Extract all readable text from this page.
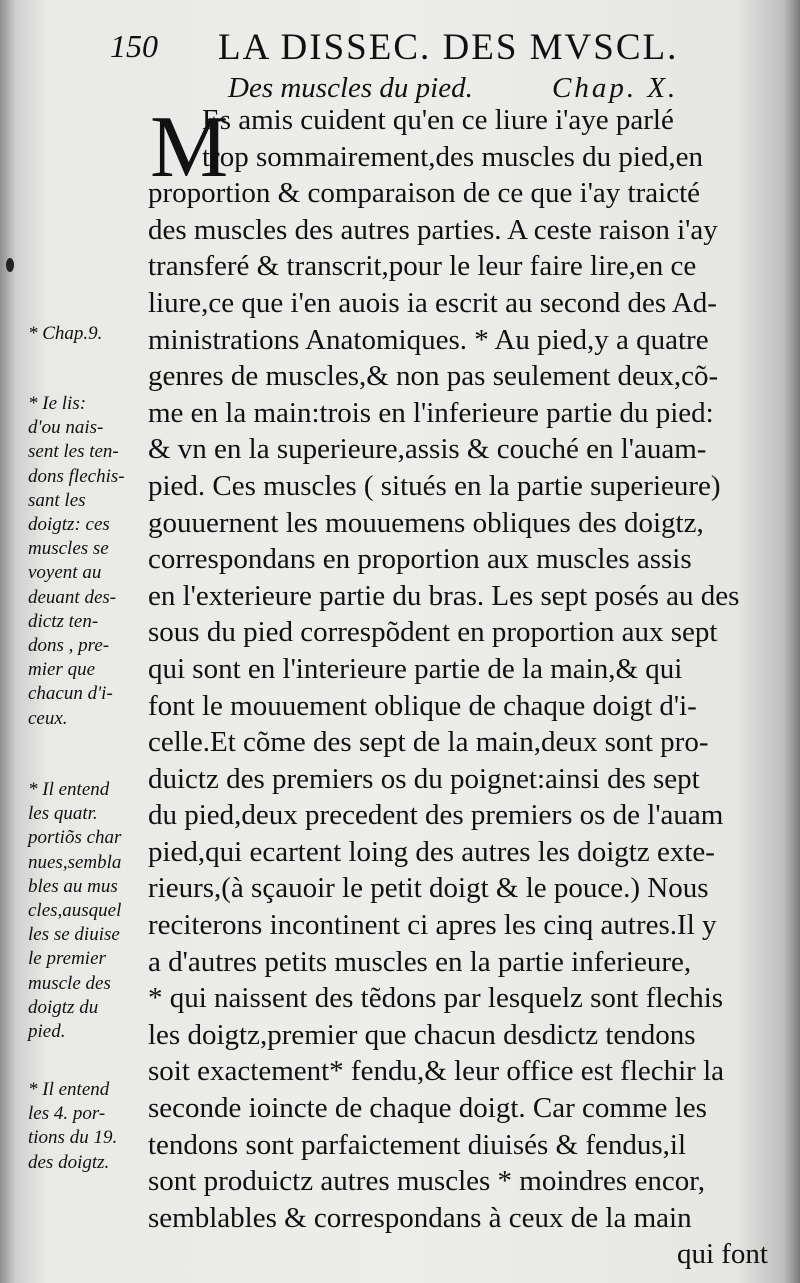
150 LA DISSEC. DES MVSCL.
Des muscles du pied.	Chap. X.
M
Es amis cuident qu'en ce liure i'aye parlé
trop sommairement,des muscles du pied,en
proportion & comparaison de ce que i'ay traicté
des muscles des autres parties. A ceste raison i'ay
transferé & transcrit,pour le leur faire lire,en ce
liure,ce que i'en auois ia escrit au second des Ad-
ministrations Anatomiques. * Au pied,y a quatre
genres de muscles,& non pas seulement deux,cõ-
me en la main:trois en l'inferieure partie du pied:
& vn en la superieure,assis & couché en l'auam-
pied. Ces muscles ( situés en la partie superieure)
gouuernent les mouuemens obliques des doigtz,
correspondans en proportion aux muscles assis
en l'exterieure partie du bras. Les sept posés au des
sous du pied correspõdent en proportion aux sept
qui sont en l'interieure partie de la main,& qui
font le mouuement oblique de chaque doigt d'i-
celle.Et cõme des sept de la main,deux sont pro-
duictz des premiers os du poignet:ainsi des sept
du pied,deux precedent des premiers os de l'auam
pied,qui ecartent loing des autres les doigtz exte-
rieurs,(à sçauoir le petit doigt & le pouce.) Nous
reciterons incontinent ci apres les cinq autres.Il y
a d'autres petits muscles en la partie inferieure,
* qui naissent des tẽdons par lesquelz sont flechis
les doigtz,premier que chacun desdictz tendons
soit exactement* fendu,& leur office est flechir la
seconde ioincte de chaque doigt. Car comme les
tendons sont parfaictement diuisés & fendus,il
sont produictz autres muscles * moindres encor,
semblables & correspondans à ceux de la main
qui font
* Chap.9.
* Ie lis:
d'ou nais-
sent les ten-
dons flechis-
sant les
doigtz: ces
muscles se
voyent au
deuant des-
dictz ten-
dons , pre-
mier que
chacun d'i-
ceux.
* Il entend
les quatr.
portiõs char
nues,sembla
bles au mus
cles,ausquel
les se diuise
le premier
muscle des
doigtz du
pied.
* Il entend
les 4. por-
tions du 19.
des doigtz.
